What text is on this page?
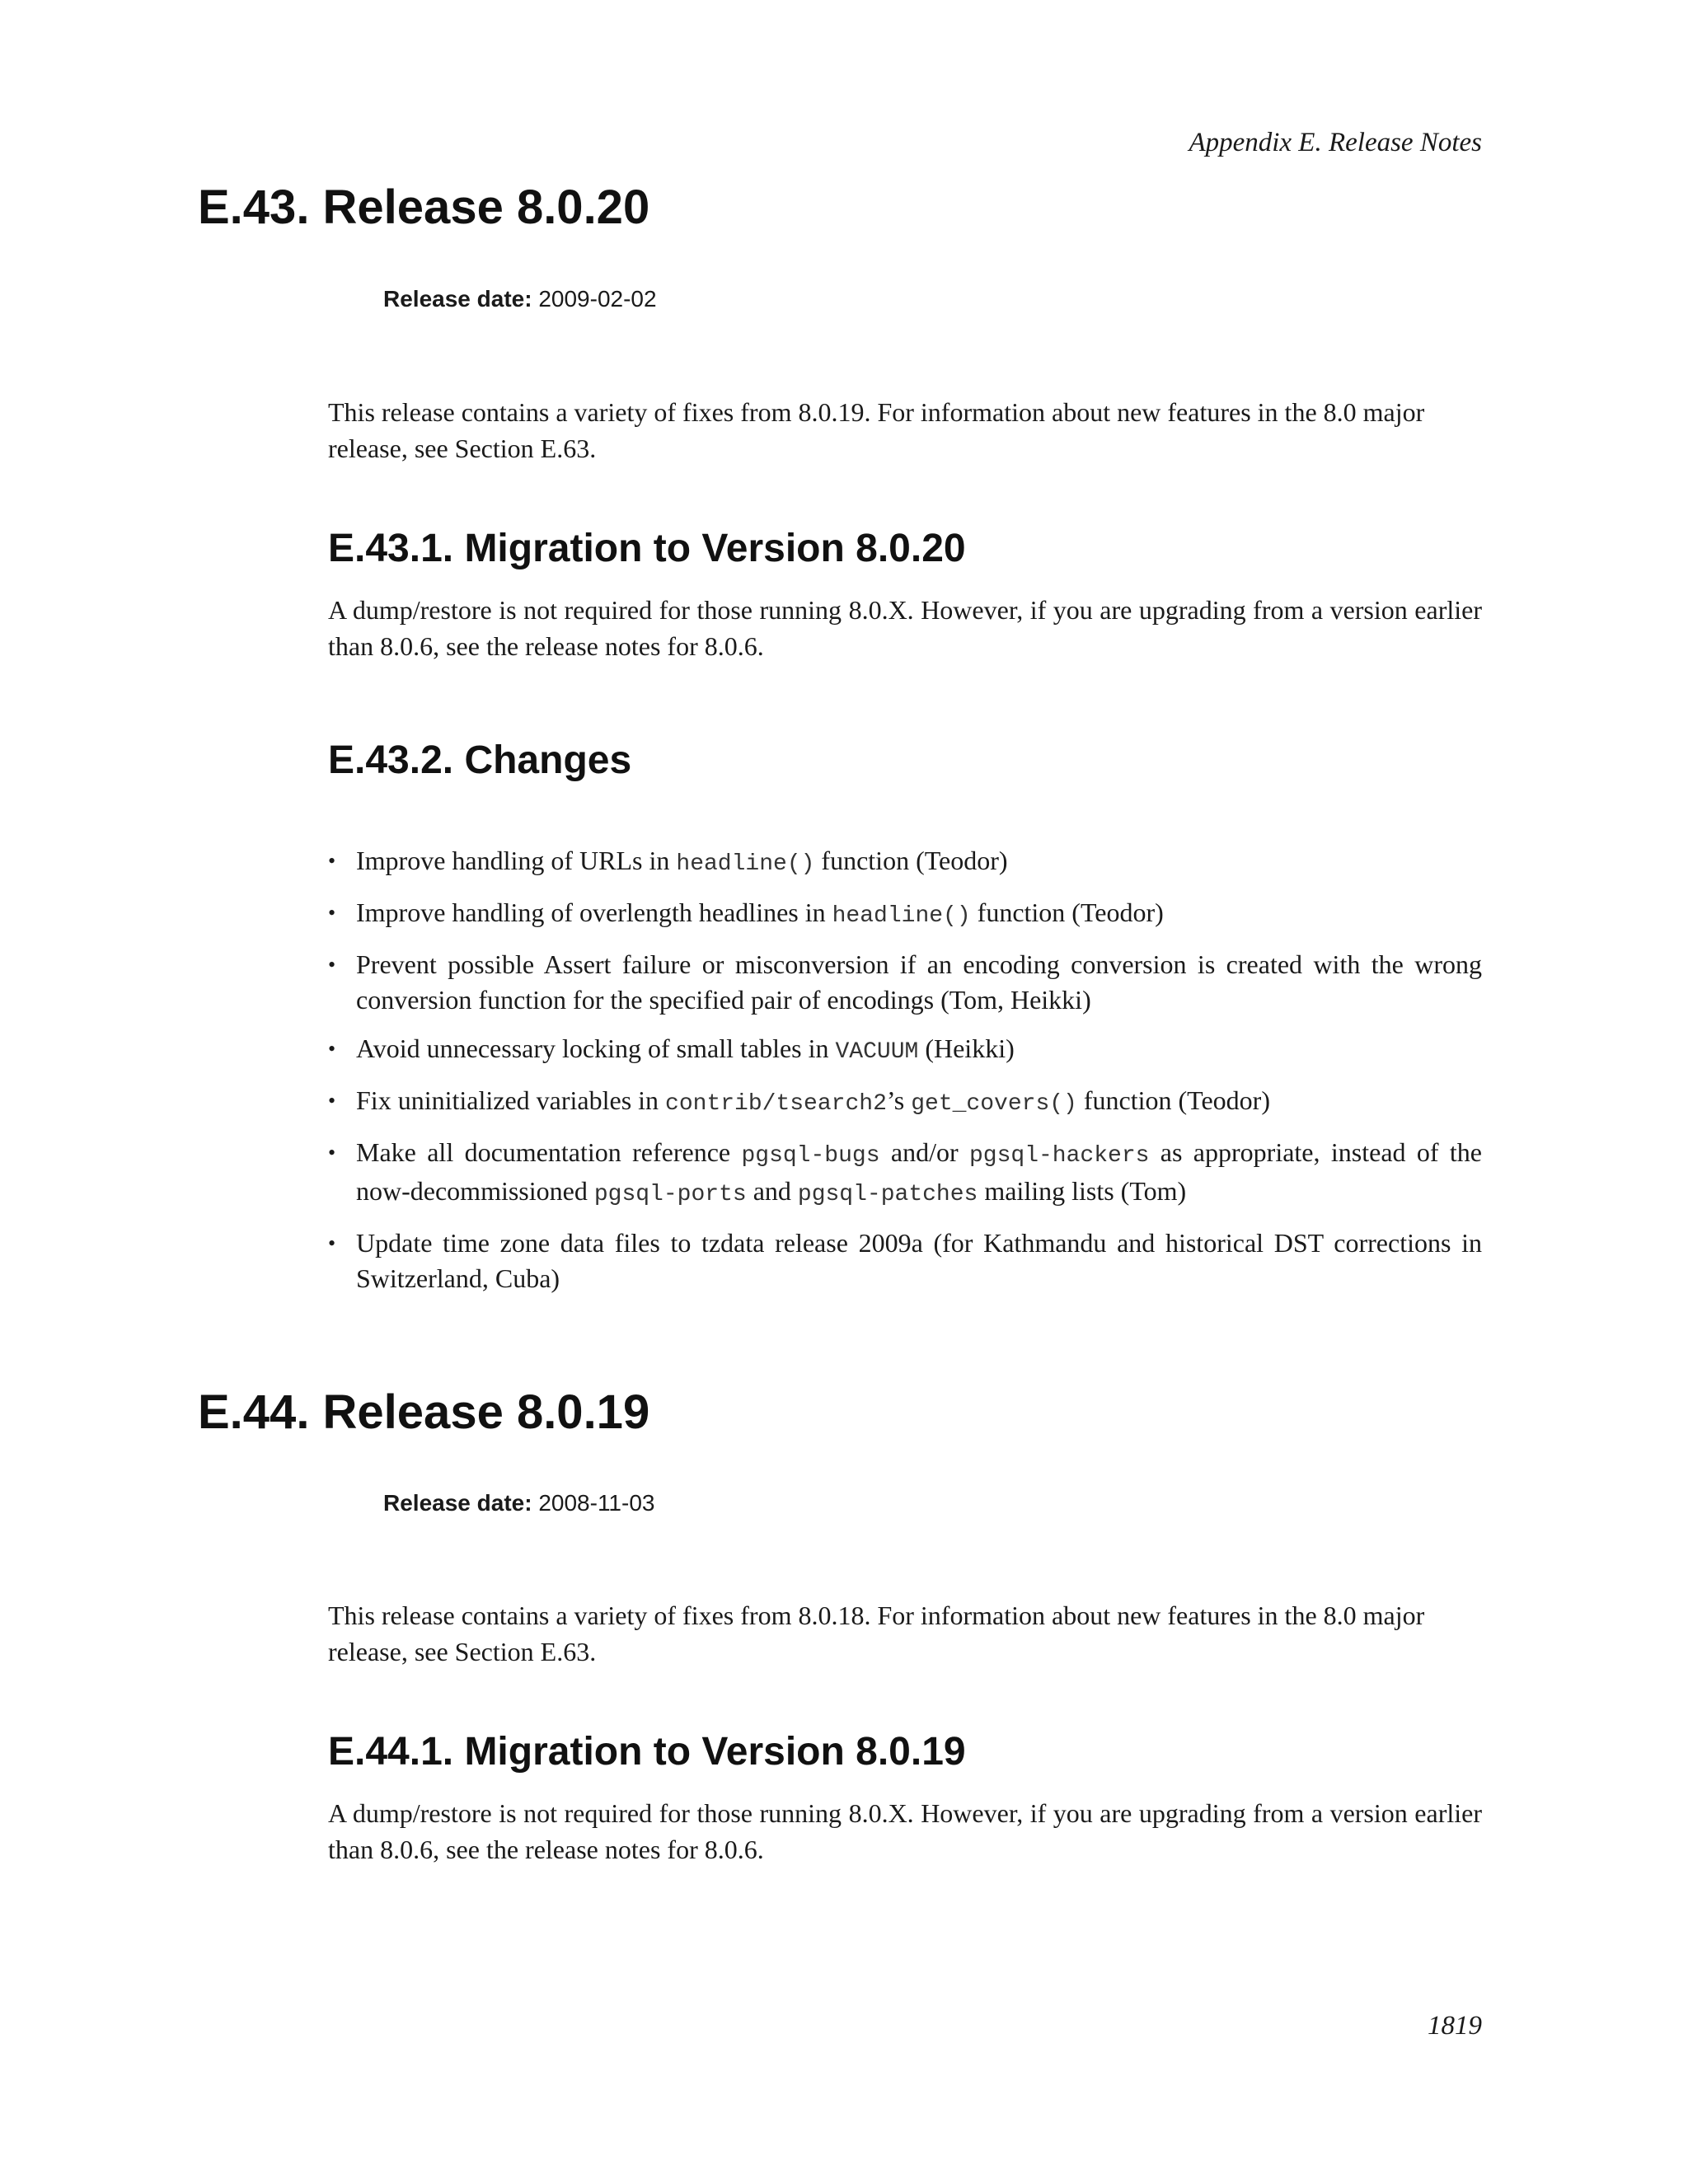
Appendix E. Release Notes
E.43. Release 8.0.20
Release date: 2009-02-02
This release contains a variety of fixes from 8.0.19. For information about new features in the 8.0 major
release, see Section E.63.
E.43.1. Migration to Version 8.0.20

A dump/restore is not required for those running 8.0.X. However, if you are upgrading from a version earlier than 8.0.6, see the release notes for 8.0.6.

E.43.2. Changes
• Improve handling of URLs in headline() function (Teodor)
• Improve handling of overlength headlines in headline() function (Teodor)
• Prevent possible Assert failure or misconversion if an encoding conversion is created with the wrong conversion function for the specified pair of encodings (Tom, Heikki)
• Avoid unnecessary locking of small tables in VACUUM (Heikki)
• Fix uninitialized variables in contrib/tsearch2’s get_covers() function (Teodor)
• Make all documentation reference pgsql-bugs and/or pgsql-hackers as appropriate, instead of the now-decommissioned pgsql-ports and pgsql-patches mailing lists (Tom)
• Update time zone data files to tzdata release 2009a (for Kathmandu and historical DST corrections in Switzerland, Cuba)
E.44. Release 8.0.19
Release date: 2008-11-03
This release contains a variety of fixes from 8.0.18. For information about new features in the 8.0 major
release, see Section E.63.
E.44.1. Migration to Version 8.0.19

A dump/restore is not required for those running 8.0.X. However, if you are upgrading from a version earlier than 8.0.6, see the release notes for 8.0.6.

1819
